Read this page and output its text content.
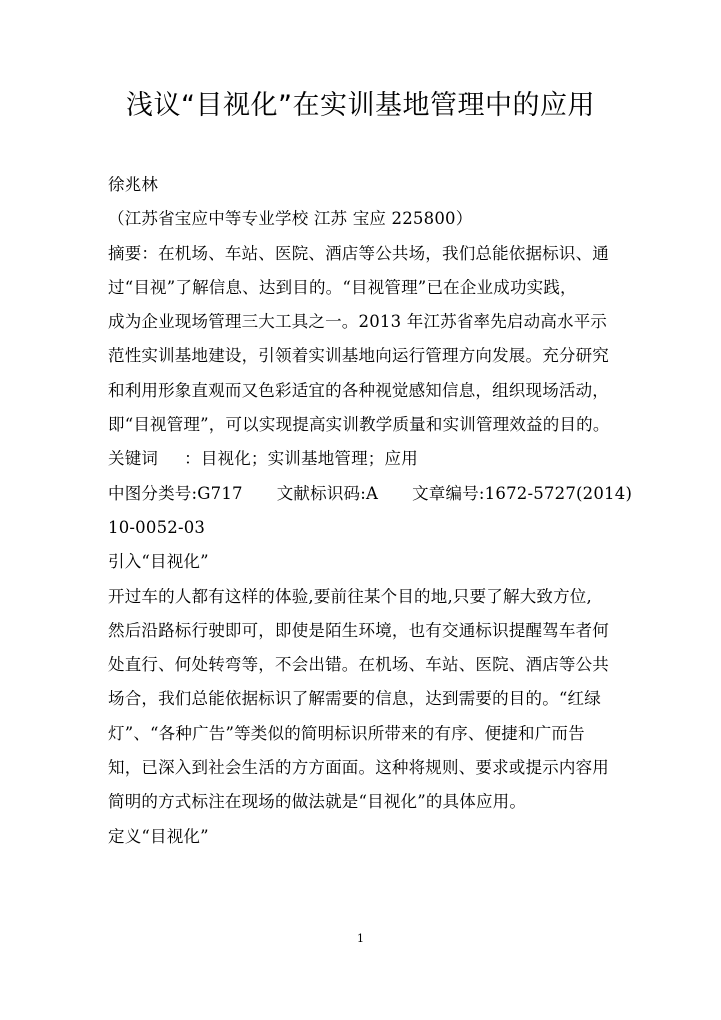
浅议“目视化”在实训基地管理中的应用
徐兆林
（江苏省宝应中等专业学校 江苏 宝应 225800）
摘要：在机场、车站、医院、酒店等公共场，我们总能依据标识、通
过“目视”了解信息、达到目的。“目视管理”已在企业成功实践，
成为企业现场管理三大工具之一。2013 年江苏省率先启动高水平示
范性实训基地建设，引领着实训基地向运行管理方向发展。充分研究
和利用形象直观而又色彩适宜的各种视觉感知信息，组织现场活动，
即“目视管理”，可以实现提高实训教学质量和实训管理效益的目的。
关键词 ：目视化；实训基地管理；应用
中图分类号:G717 文献标识码:A 文章编号:1672-5727(2014)
10-0052-03
引入“目视化”
开过车的人都有这样的体验,要前往某个目的地,只要了解大致方位,
然后沿路标行驶即可，即使是陌生环境，也有交通标识提醒驾车者何
处直行、何处转弯等，不会出错。在机场、车站、医院、酒店等公共
场合，我们总能依据标识了解需要的信息，达到需要的目的。“红绿
灯”、“各种广告”等类似的简明标识所带来的有序、便捷和广而告
知，已深入到社会生活的方方面面。这种将规则、要求或提示内容用
简明的方式标注在现场的做法就是“目视化”的具体应用。
定义“目视化”
1
